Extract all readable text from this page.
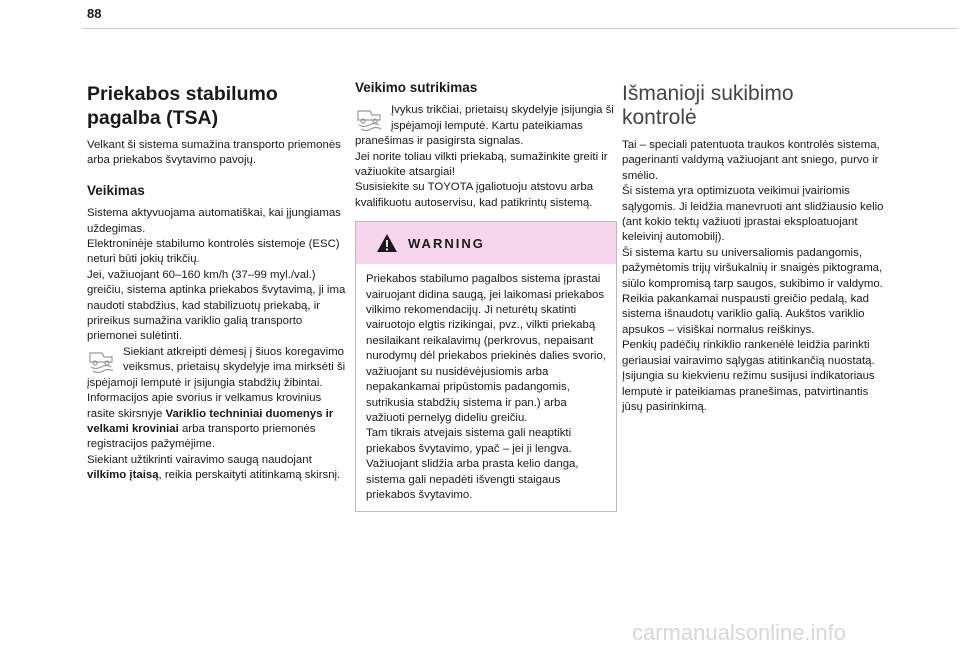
88
Priekabos stabilumo
pagalba (TSA)

Velkant ši sistema sumažina transporto priemonės arba priekabos švytavimo pavojų.

Veikimas

Sistema aktyvuojama automatiškai, kai įjungiamas uždegimas.

Elektroninėje stabilumo kontrolės sistemoje (ESC) neturi būti jokių trikčių.

Jei, važiuojant 60–160 km/h (37–99 myl./val.) greičiu, sistema aptinka priekabos švytavimą, ji ima naudoti stabdžius, kad stabilizuotų priekabą, ir prireikus sumažina variklio galią transporto priemonei sulėtinti.

Siekiant atkreipti dėmesį į šiuos koregavimo veiksmus, prietaisų skydelyje ima mirksėti ši įspėjamoji lemputė ir įsijungia stabdžių žibintai.

Informacijos apie svorius ir velkamus krovinius rasite skirsnyje Variklio techniniai duomenys ir velkami kroviniai arba transporto priemonės registracijos pažymėjime.

Siekiant užtikrinti vairavimo saugą naudojant vilkimo įtaisą, reikia perskaityti atitinkamą skirsnį.

Veikimo sutrikimas

Įvykus trikčiai, prietaisų skydelyje įsijungia ši įspėjamoji lemputė. Kartu pateikiamas pranešimas ir pasigirsta signalas.

Jei norite toliau vilkti priekabą, sumažinkite greiti ir važiuokite atsargiai!

Susisiekite su TOYOTA įgaliotuoju atstovu arba kvalifikuotu autoservisu, kad patikrintų sistemą.

WARNING

Priekabos stabilumo pagalbos sistema įprastai vairuojant didina saugą, jei laikomasi priekabos vilkimo rekomendacijų. Ji neturėtų skatinti vairuotojo elgtis rizikingai, pvz., vilkti priekabą nesilaikant reikalavimų (perkrovus, nepaisant nurodymų dėl priekabos priekinės dalies svorio, važiuojant su nusidėvėjusiomis arba nepakankamai pripūstomis padangomis, sutrikusia stabdžių sistema ir pan.) arba važiuoti pernelyg dideliu greičiu.

Tam tikrais atvejais sistema gali neaptikti priekabos švytavimo, ypač – jei ji lengva. Važiuojant slidžia arba prasta kelio danga, sistema gali nepadėti išvengti staigaus priekabos švytavimo.

Išmanioji sukibimo
kontrolė

Tai – speciali patentuota traukos kontrolės sistema, pagerinanti valdymą važiuojant ant sniego, purvo ir smėlio.

Ši sistema yra optimizuota veikimui įvairiomis sąlygomis. Ji leidžia manevruoti ant slidžiausio kelio (ant kokio tektų važiuoti įprastai eksploatuojant keleivinį automobilį).

Ši sistema kartu su universaliomis padangomis, pažymėtomis trijų viršukalnių ir snaigės piktograma, siūlo kompromisą tarp saugos, sukibimo ir valdymo.

Reikia pakankamai nuspausti greičio pedalą, kad sistema išnaudotų variklio galią. Aukštos variklio apsukos – visiškai normalus reiškinys.

Penkių padėčių rinkiklio rankenėlė leidžia parinkti geriausiai vairavimo sąlygas atitinkančią nuostatą.

Įsijungia su kiekvienu režimu susijusi indikatoriaus lemputė ir pateikiamas pranešimas, patvirtinantis jūsų pasirinkimą.

carmanualsonline.info
